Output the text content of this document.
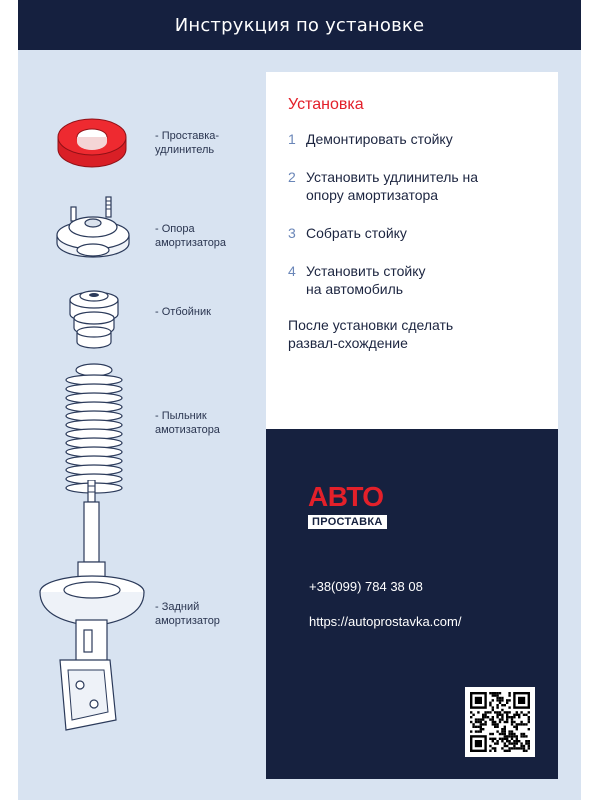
Инструкция по установке
- Проставка-
удлинитель
- Опора
амортизатора
- Отбойник
- Пыльник
амотизатора
- Задний
амортизатор
Установка
1 Демонтировать стойку
2 Установить удлинитель на
опору амортизатора
3 Собрать стойку
4 Установить стойку
на автомобиль
После установки сделать
развал-схождение
АВТО
ПРОСТАВКА
+38(099) 784 38 08
https://autoprostavka.com/
